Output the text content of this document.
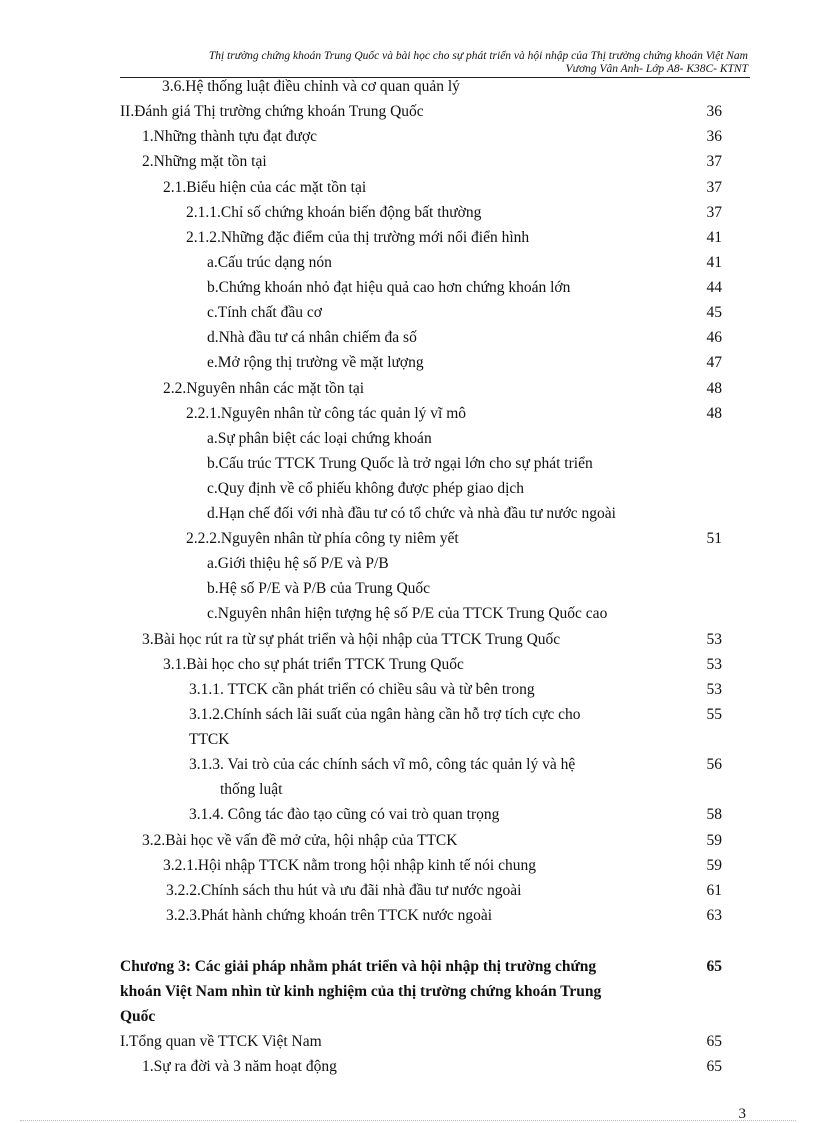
Thị trường chứng khoán Trung Quốc và bài học cho sự phát triển và hội nhập của Thị trường chứng khoán Việt Nam
Vương Vân Anh- Lớp A8- K38C- KTNT
3.6.Hệ thống luật điều chỉnh và cơ quan quản lý
II.Đánh giá Thị trường chứng khoán Trung Quốc	36
1.Những thành tựu đạt được	36
2.Những mặt tồn tại	37
2.1.Biểu hiện của các mặt tồn tại	37
2.1.1.Chỉ số chứng khoán biến động bất thường	37
2.1.2.Những đặc điểm của thị trường mới nổi điển hình	41
a.Cấu trúc dạng nón	41
b.Chứng khoán nhỏ đạt hiệu quả cao hơn chứng khoán lớn	44
c.Tính chất đầu cơ	45
d.Nhà đầu tư cá nhân chiếm đa số	46
e.Mở rộng thị trường về mặt lượng	47
2.2.Nguyên nhân các mặt tồn tại	48
2.2.1.Nguyên nhân từ công tác quản lý vĩ mô	48
a.Sự phân biệt các loại chứng khoán
b.Cấu trúc TTCK Trung Quốc là trở ngại lớn cho sự phát triển
c.Quy định về cổ phiếu không được phép giao dịch
d.Hạn chế đối với nhà đầu tư có tổ chức và nhà đầu tư nước ngoài
2.2.2.Nguyên nhân từ phía công ty niêm yết	51
a.Giới thiệu hệ số P/E và P/B
b.Hệ số P/E và P/B của Trung Quốc
c.Nguyên nhân hiện tượng hệ số P/E của TTCK Trung Quốc cao
3.Bài học rút ra từ sự phát triển và hội nhập của TTCK Trung Quốc	53
3.1.Bài học cho sự phát triển TTCK Trung Quốc	53
3.1.1. TTCK cần phát triển có chiều sâu và từ bên trong	53
3.1.2.Chính sách lãi suất của ngân hàng cần hỗ trợ tích cực cho	55
TTCK
3.1.3. Vai trò của các chính sách vĩ mô, công tác quản lý và hệ	56
thống luật
3.1.4. Công tác đào tạo cũng có vai trò quan trọng	58
3.2.Bài học về vấn đề mở cửa, hội nhập của TTCK	59
3.2.1.Hội nhập TTCK nằm trong hội nhập kinh tế nói chung	59
3.2.2.Chính sách thu hút và ưu đãi nhà đầu tư nước ngoài	61
3.2.3.Phát hành chứng khoán trên TTCK nước ngoài	63
Chương 3: Các giải pháp nhằm phát triển và hội nhập thị trường chứng	65
khoán Việt Nam nhìn từ kinh nghiệm của thị trường chứng khoán Trung
Quốc
I.Tổng quan về TTCK Việt Nam	65
1.Sự ra đời và 3 năm hoạt động	65
3
